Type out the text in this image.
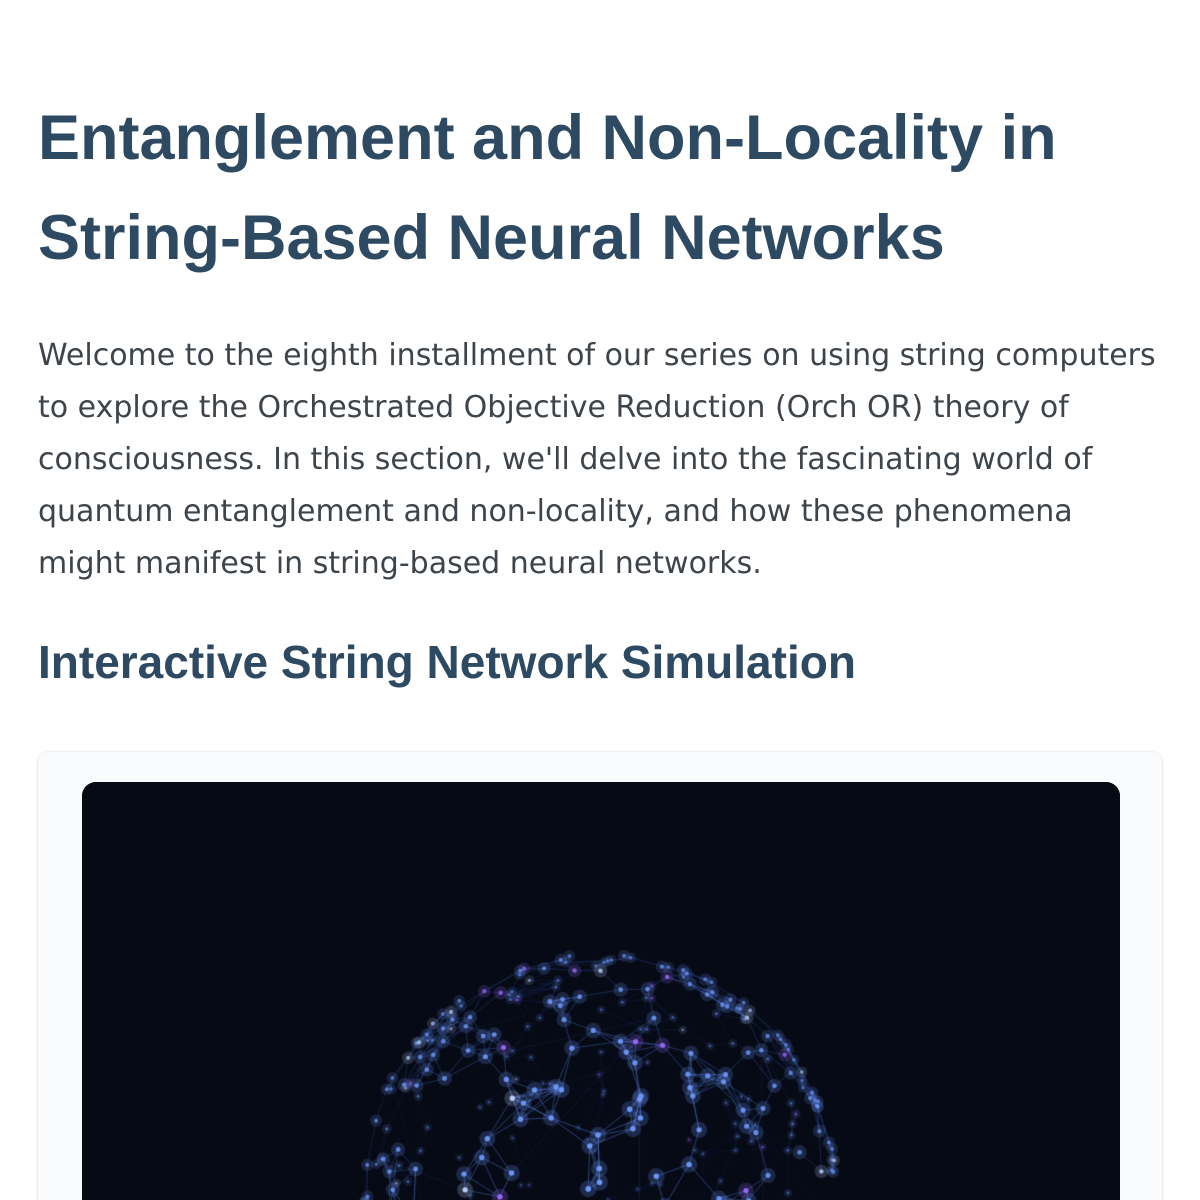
Entanglement and Non-Locality in String-Based Neural Networks

Welcome to the eighth installment of our series on using string computers to explore the Orchestrated Objective Reduction (Orch OR) theory of consciousness. In this section, we'll delve into the fascinating world of quantum entanglement and non-locality, and how these phenomena might manifest in string-based neural networks.

Interactive String Network Simulation
